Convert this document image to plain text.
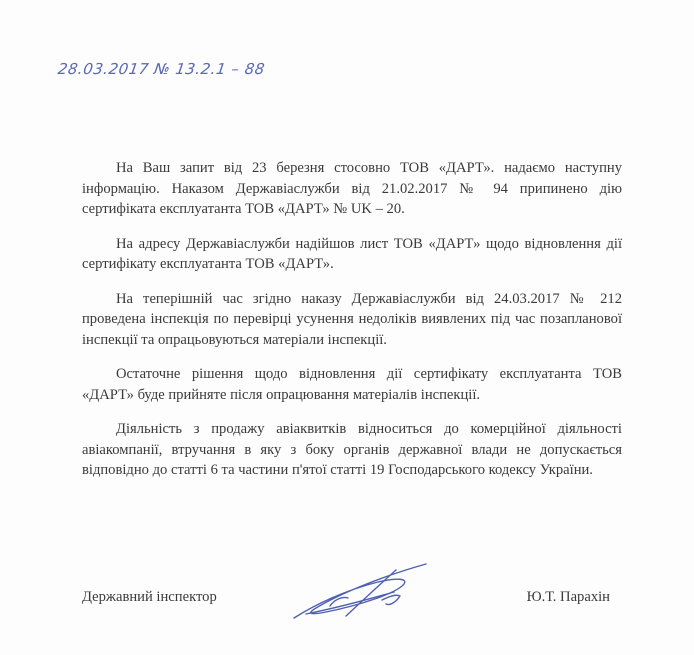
28.03.2017 № 13.2.1 – 88

На Ваш запит від 23 березня стосовно ТОВ «ДАРТ». надаємо наступну інформацію. Наказом Державіаслужби від 21.02.2017 № 94 припинено дію сертифіката експлуатанта ТОВ «ДАРТ» № UK – 20.

На адресу Державіаслужби надійшов лист ТОВ «ДАРТ» щодо відновлення дії сертифікату експлуатанта ТОВ «ДАРТ».

На теперішній час згідно наказу Державіаслужби від 24.03.2017 № 212 проведена інспекція по перевірці усунення недоліків виявлених під час позапланової інспекції та опрацьовуються матеріали інспекції.

Остаточне рішення щодо відновлення дії сертифікату експлуатанта ТОВ «ДАРТ» буде прийняте після опрацювання матеріалів інспекції.

Діяльність з продажу авіаквитків відноситься до комерційної діяльності авіакомпанії, втручання в яку з боку органів державної влади не допускається відповідно до статті 6 та частини п'ятої статті 19 Господарського кодексу України.

Державний інспектор	Ю.Т. Парахін
